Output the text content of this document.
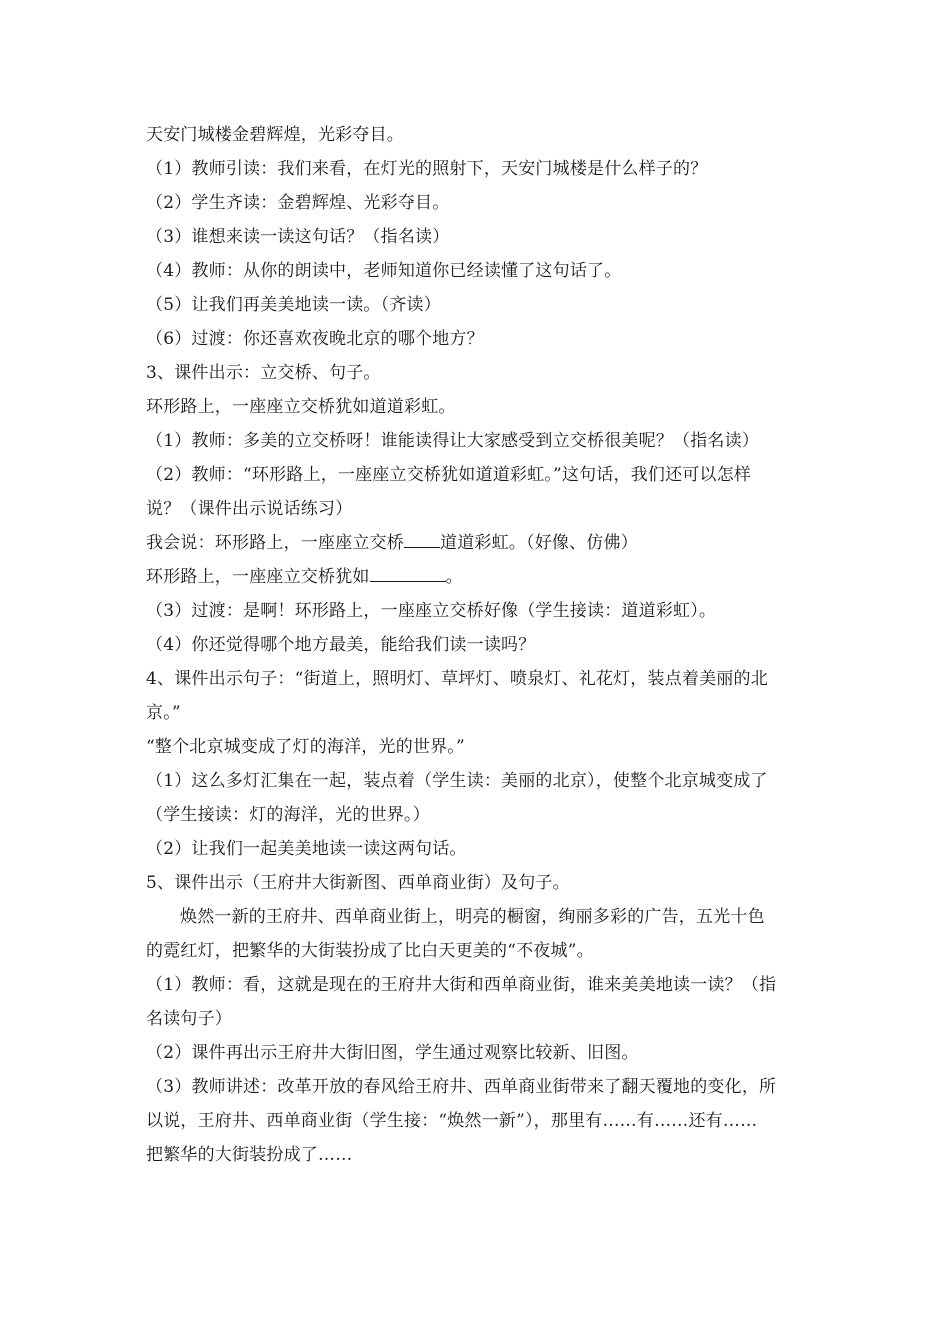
天安门城楼金碧辉煌，光彩夺目。
（1）教师引读：我们来看，在灯光的照射下，天安门城楼是什么样子的？
（2）学生齐读：金碧辉煌、光彩夺目。
（3）谁想来读一读这句话？（指名读）
（4）教师：从你的朗读中，老师知道你已经读懂了这句话了。
（5）让我们再美美地读一读。（齐读）
（6）过渡：你还喜欢夜晚北京的哪个地方？
3、课件出示：立交桥、句子。
环形路上，一座座立交桥犹如道道彩虹。
（1）教师：多美的立交桥呀！谁能读得让大家感受到立交桥很美呢？（指名读）
（2）教师：“环形路上，一座座立交桥犹如道道彩虹。”这句话，我们还可以怎样
说？（课件出示说话练习）
我会说：环形路上，一座座立交桥 道道彩虹。（好像、仿佛）
环形路上，一座座立交桥犹如	。
（3）过渡：是啊！环形路上，一座座立交桥好像（学生接读：道道彩虹）。
（4）你还觉得哪个地方最美，能给我们读一读吗？
4、课件出示句子：“街道上，照明灯、草坪灯、喷泉灯、礼花灯，装点着美丽的北
京。”
“整个北京城变成了灯的海洋，光的世界。”
（1）这么多灯汇集在一起，装点着（学生读：美丽的北京），使整个北京城变成了
（学生接读：灯的海洋，光的世界。）
（2）让我们一起美美地读一读这两句话。
5、课件出示（王府井大街新图、西单商业街）及句子。
焕然一新的王府井、西单商业街上，明亮的橱窗，绚丽多彩的广告，五光十色
的霓红灯，把繁华的大街装扮成了比白天更美的“不夜城”。
（1）教师：看，这就是现在的王府井大街和西单商业街，谁来美美地读一读？（指
名读句子）
（2）课件再出示王府井大街旧图，学生通过观察比较新、旧图。
（3）教师讲述：改革开放的春风给王府井、西单商业街带来了翻天覆地的变化，所
以说，王府井、西单商业街（学生接：“焕然一新”），那里有……有……还有……
把繁华的大街装扮成了……
